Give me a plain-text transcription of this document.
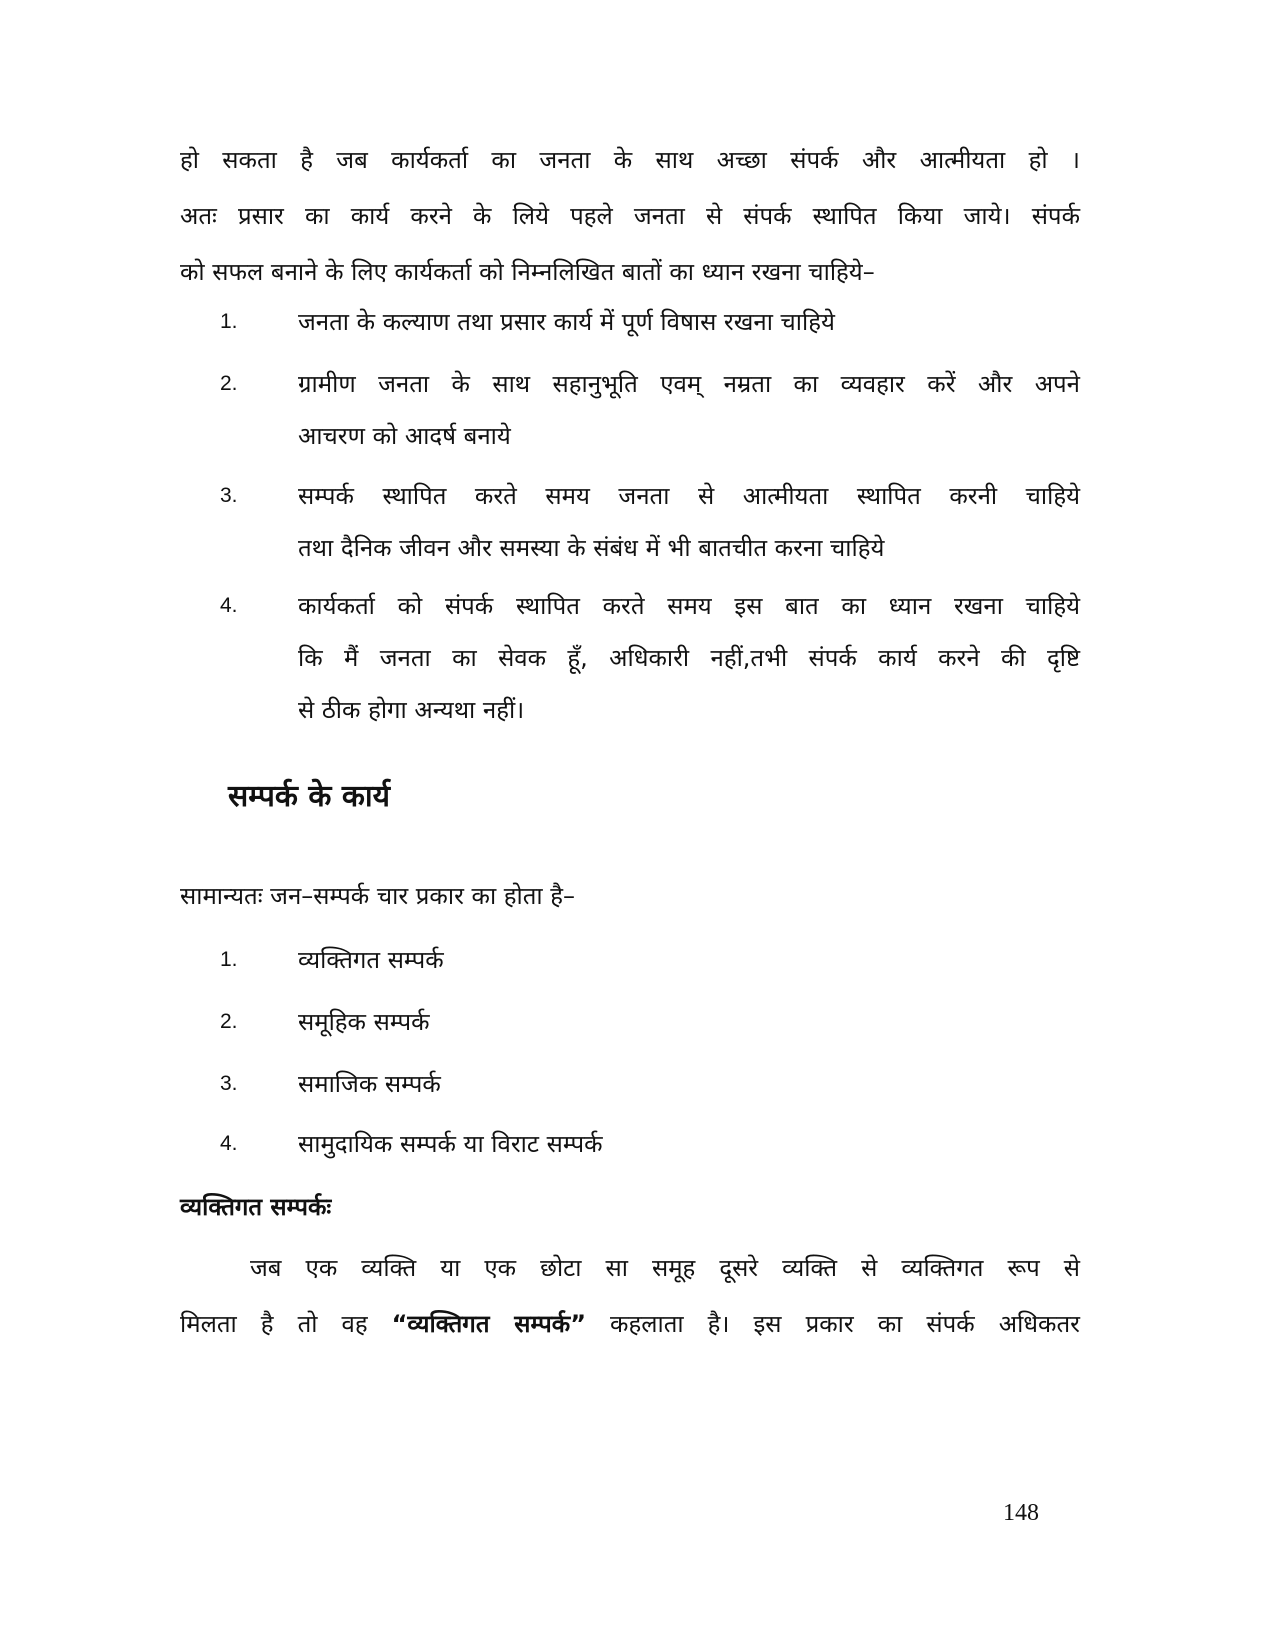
हो सकता है जब कार्यकर्ता का जनता के साथ अच्छा संपर्क और आत्मीयता हो ।
अतः प्रसार का कार्य करने के लिये पहले जनता से संपर्क स्थापित किया जाये। संपर्क
को सफल बनाने के लिए कार्यकर्ता को निम्नलिखित बातों का ध्यान रखना चाहिये–
1.	जनता के कल्याण तथा प्रसार कार्य में पूर्ण विषास रखना चाहिये
2.	ग्रामीण जनता के साथ सहानुभूति एवम् नम्रता का व्यवहार करें और अपने
आचरण को आदर्ष बनाये
3.	सम्पर्क स्थापित करते समय जनता से आत्मीयता स्थापित करनी चाहिये
तथा दैनिक जीवन और समस्या के संबंध में भी बातचीत करना चाहिये
4.	कार्यकर्ता को संपर्क स्थापित करते समय इस बात का ध्यान रखना चाहिये
कि मैं जनता का सेवक हूँ, अधिकारी नहीं,तभी संपर्क कार्य करने की दृष्टि
से ठीक होगा अन्यथा नहीं।
सम्पर्क के कार्य
सामान्यतः जन–सम्पर्क चार प्रकार का होता है–
1.	व्यक्तिगत सम्पर्क
2.	समूहिक सम्पर्क
3.	समाजिक सम्पर्क
4.	सामुदायिक सम्पर्क या विराट सम्पर्क
व्यक्तिगत सम्पर्कः
जब एक व्यक्ति या एक छोटा सा समूह दूसरे व्यक्ति से व्यक्तिगत रूप से
मिलता है तो वह “व्यक्तिगत सम्पर्क” कहलाता है। इस प्रकार का संपर्क अधिकतर
148
